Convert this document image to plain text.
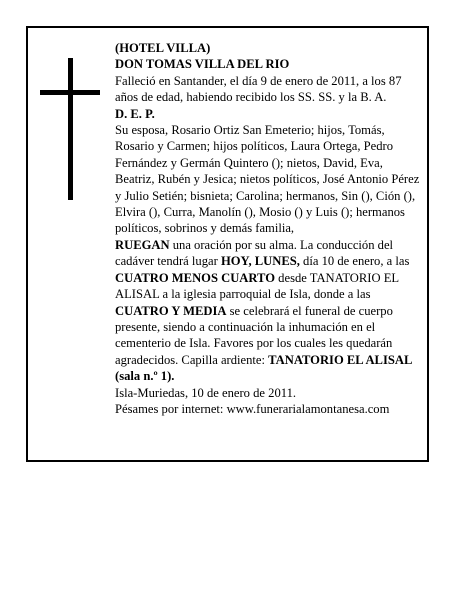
(HOTEL VILLA)

DON TOMAS VILLA DEL RIO

Falleció en Santander, el día 9 de enero de 2011, a los 87 años de edad, habiendo recibido los SS. SS. y la B. A.

D. E. P.

Su esposa, Rosario Ortiz San Emeterio; hijos, Tomás, Rosario y Carmen; hijos políticos, Laura Ortega, Pedro Fernández y Germán Quintero (); nietos, David, Eva, Beatriz, Rubén y Jesica; nietos políticos, José Antonio Pérez y Julio Setién; bisnieta; Carolina; hermanos, Sin (), Ción (), Elvira (), Curra, Manolín (), Mosio () y Luis (); hermanos políticos, sobrinos y demás familia,

RUEGAN una oración por su alma. La conducción del cadáver tendrá lugar HOY, LUNES, día 10 de enero, a las CUATRO MENOS CUARTO desde TANATORIO EL ALISAL a la iglesia parroquial de Isla, donde a las CUATRO Y MEDIA se celebrará el funeral de cuerpo presente, siendo a continuación la inhumación en el cementerio de Isla. Favores por los cuales les quedarán agradecidos. Capilla ardiente: TANATORIO EL ALISAL (sala n.º 1).

Isla-Muriedas, 10 de enero de 2011.

Pésames por internet: www.funerarialamontanesa.com
